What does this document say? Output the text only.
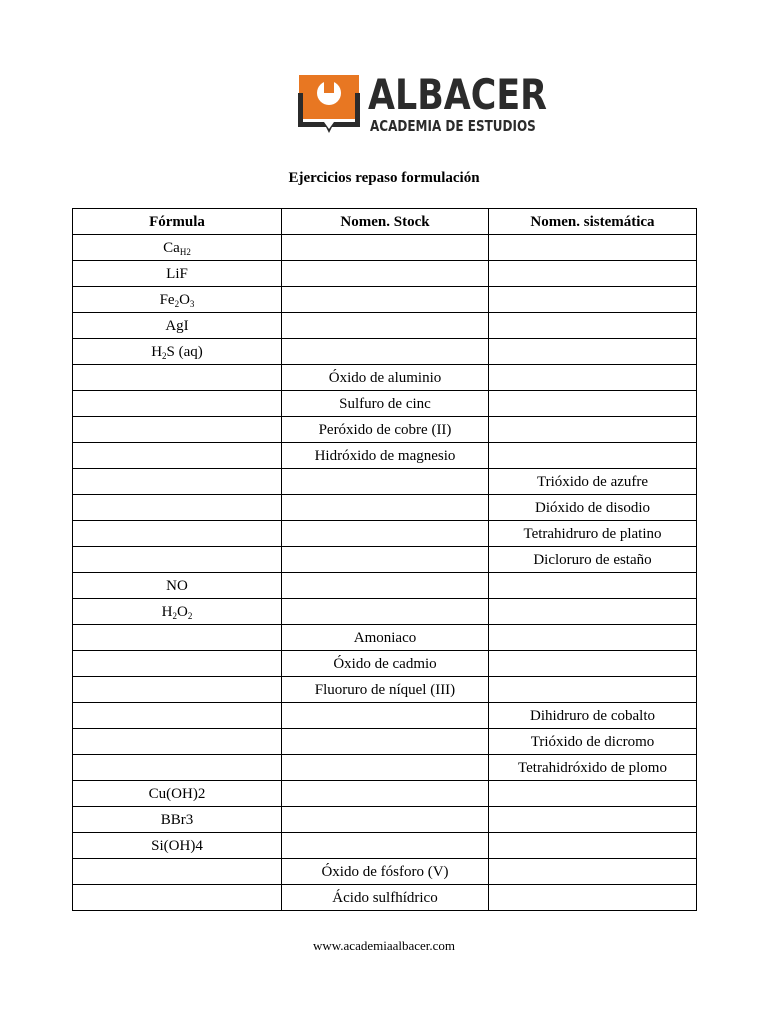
ALBACER
ACADEMIA DE ESTUDIOS
Ejercicios repaso formulación
Fórmula	Nomen. Stock	Nomen. sistemática
$Ca_{H2}$		
LiF		
$Fe_2O_3$		
AgI		
$H_2S$ (aq)		
	Óxido de aluminio	
	Sulfuro de cinc	
	Peróxido de cobre (II)	
	Hidróxido de magnesio	
		Trióxido de azufre
		Dióxido de disodio
		Tetrahidruro de platino
		Dicloruro de estaño
NO		
$H_2O_2$		
	Amoniaco	
	Óxido de cadmio	
	Fluoruro de níquel (III)	
		Dihidruro de cobalto
		Trióxido de dicromo
		Tetrahidróxido de plomo
Cu(OH)2		
BBr3		
Si(OH)4		
	Óxido de fósforo (V)	
	Ácido sulfhídrico	
www.academiaalbacer.com
